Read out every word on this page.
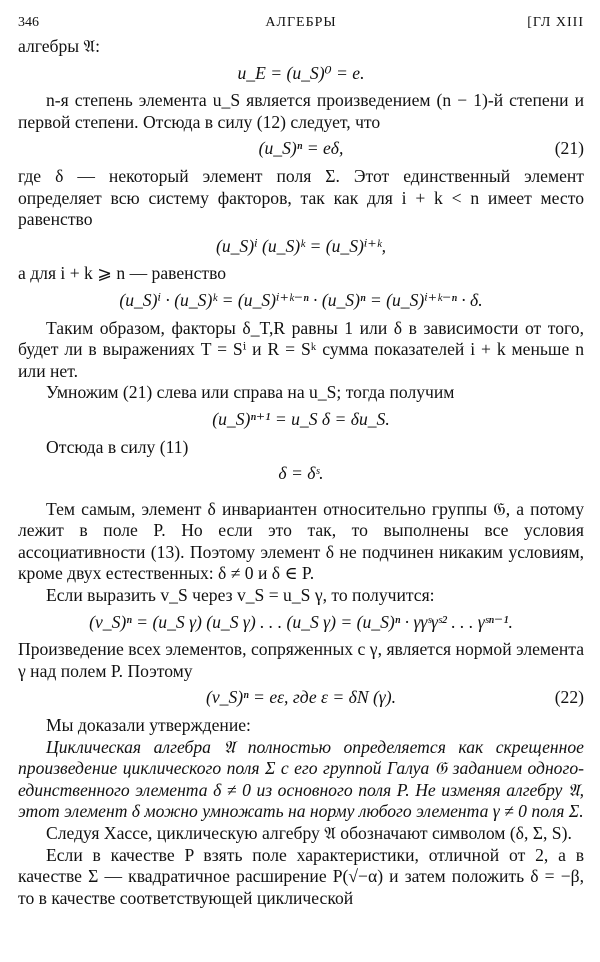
346	АЛГЕБРЫ	[ГЛ XIII

алгебры 𝔄:

u_E = (u_S)⁰ = e.

n-я степень элемента u_S является произведением (n − 1)-й степени и первой степени. Отсюда в силу (12) следует, что

(u_S)ⁿ = eδ,	(21)

где δ — некоторый элемент поля Σ. Этот единственный элемент определяет всю систему факторов, так как для i + k < n имеет место равенство

(u_S)ⁱ (u_S)ᵏ = (u_S)ⁱ⁺ᵏ,

а для i + k ⩾ n — равенство

(u_S)ⁱ · (u_S)ᵏ = (u_S)ⁱ⁺ᵏ⁻ⁿ · (u_S)ⁿ = (u_S)ⁱ⁺ᵏ⁻ⁿ · δ.

Таким образом, факторы δ_T,R равны 1 или δ в зависимости от того, будет ли в выражениях T = Sⁱ и R = Sᵏ сумма показателей i + k меньше n или нет.

Умножим (21) слева или справа на u_S; тогда получим

(u_S)ⁿ⁺¹ = u_S δ = δu_S.

Отсюда в силу (11)

δ = δˢ.

Тем самым, элемент δ инвариантен относительно группы 𝔊, а потому лежит в поле P. Но если это так, то выполнены все условия ассоциативности (13). Поэтому элемент δ не подчинен никаким условиям, кроме двух естественных: δ ≠ 0 и δ ∈ P.

Если выразить v_S через v_S = u_S γ, то получится:

(v_S)ⁿ = (u_S γ) (u_S γ) . . . (u_S γ) = (u_S)ⁿ · γγˢγˢ² . . . γˢⁿ⁻¹.

Произведение всех элементов, сопряженных с γ, является нормой элемента γ над полем P. Поэтому

(v_S)ⁿ = eε, где ε = δN (γ).	(22)

Мы доказали утверждение:

Циклическая алгебра 𝔄 полностью определяется как скрещенное произведение циклического поля Σ с его группой Галуа 𝔊 заданием одного-единственного элемента δ ≠ 0 из основного поля P. Не изменяя алгебру 𝔄, этот элемент δ можно умножать на норму любого элемента γ ≠ 0 поля Σ.

Следуя Хассе, циклическую алгебру 𝔄 обозначают символом (δ, Σ, S).

Если в качестве P взять поле характеристики, отличной от 2, а в качестве Σ — квадратичное расширение P(√−α) и затем положить δ = −β, то в качестве соответствующей циклической
